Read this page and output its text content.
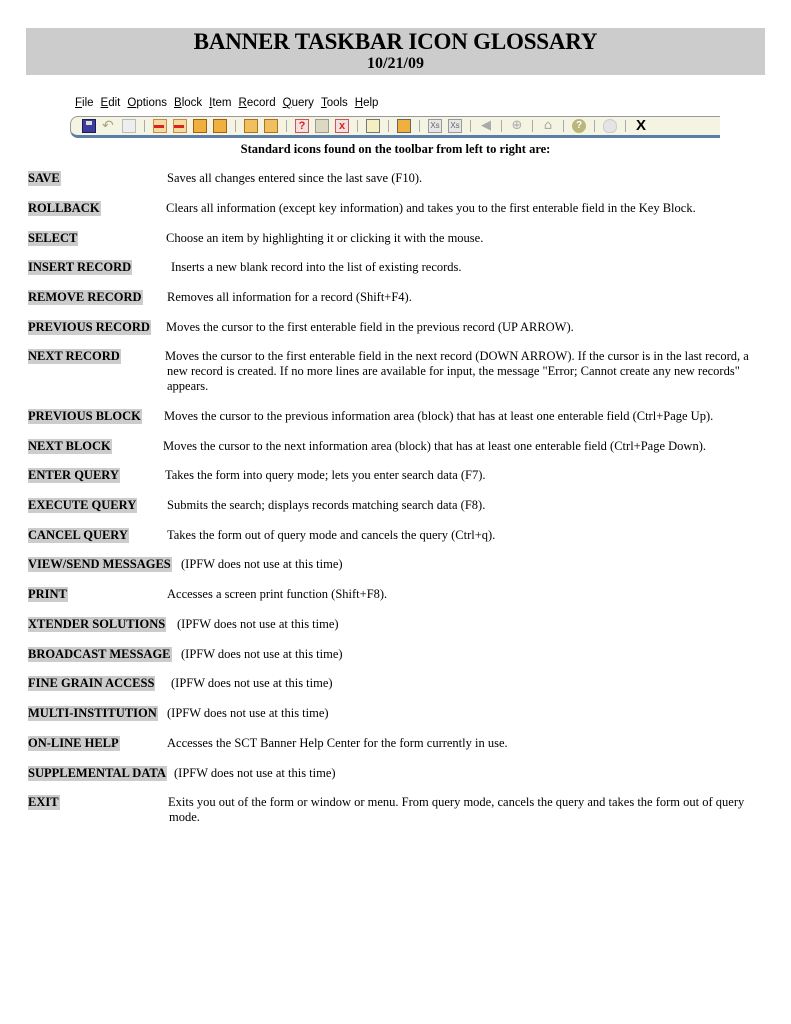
BANNER TASKBAR ICON GLOSSARY
10/21/09
File Edit Options Block Item Record Query Tools Help
↶	?	x	Xs Xs ◀ ⊕ ⌂	?	X
Standard icons found on the toolbar from left to right are:
SAVE	Saves all changes entered since the last save (F10).
ROLLBACK	Clears all information (except key information) and takes you to the first enterable field in the Key Block.
SELECT	Choose an item by highlighting it or clicking it with the mouse.
INSERT RECORD	Inserts a new blank record into the list of existing records.
REMOVE RECORD Removes all information for a record (Shift+F4).
PREVIOUS RECORD Moves the cursor to the first enterable field in the previous record (UP ARROW).
NEXT RECORD	Moves the cursor to the first enterable field in the next record (DOWN ARROW). If the cursor is in the last record, a new record is created. If no more lines are available for input, the message "Error; Cannot create any new records" appears.
PREVIOUS BLOCK Moves the cursor to the previous information area (block) that has at least one enterable field (Ctrl+Page Up).
NEXT BLOCK	Moves the cursor to the next information area (block) that has at least one enterable field (Ctrl+Page Down).
ENTER QUERY	Takes the form into query mode; lets you enter search data (F7).
EXECUTE QUERY Submits the search; displays records matching search data (F8).
CANCEL QUERY	Takes the form out of query mode and cancels the query (Ctrl+q).
VIEW/SEND MESSAGES (IPFW does not use at this time)
PRINT	Accesses a screen print function (Shift+F8).
XTENDER SOLUTIONS (IPFW does not use at this time)
BROADCAST MESSAGE (IPFW does not use at this time)
FINE GRAIN ACCESS (IPFW does not use at this time)
MULTI-INSTITUTION (IPFW does not use at this time)
ON-LINE HELP	Accesses the SCT Banner Help Center for the form currently in use.
SUPPLEMENTAL DATA (IPFW does not use at this time)
EXIT	Exits you out of the form or window or menu. From query mode, cancels the query and takes the form out of query mode.
